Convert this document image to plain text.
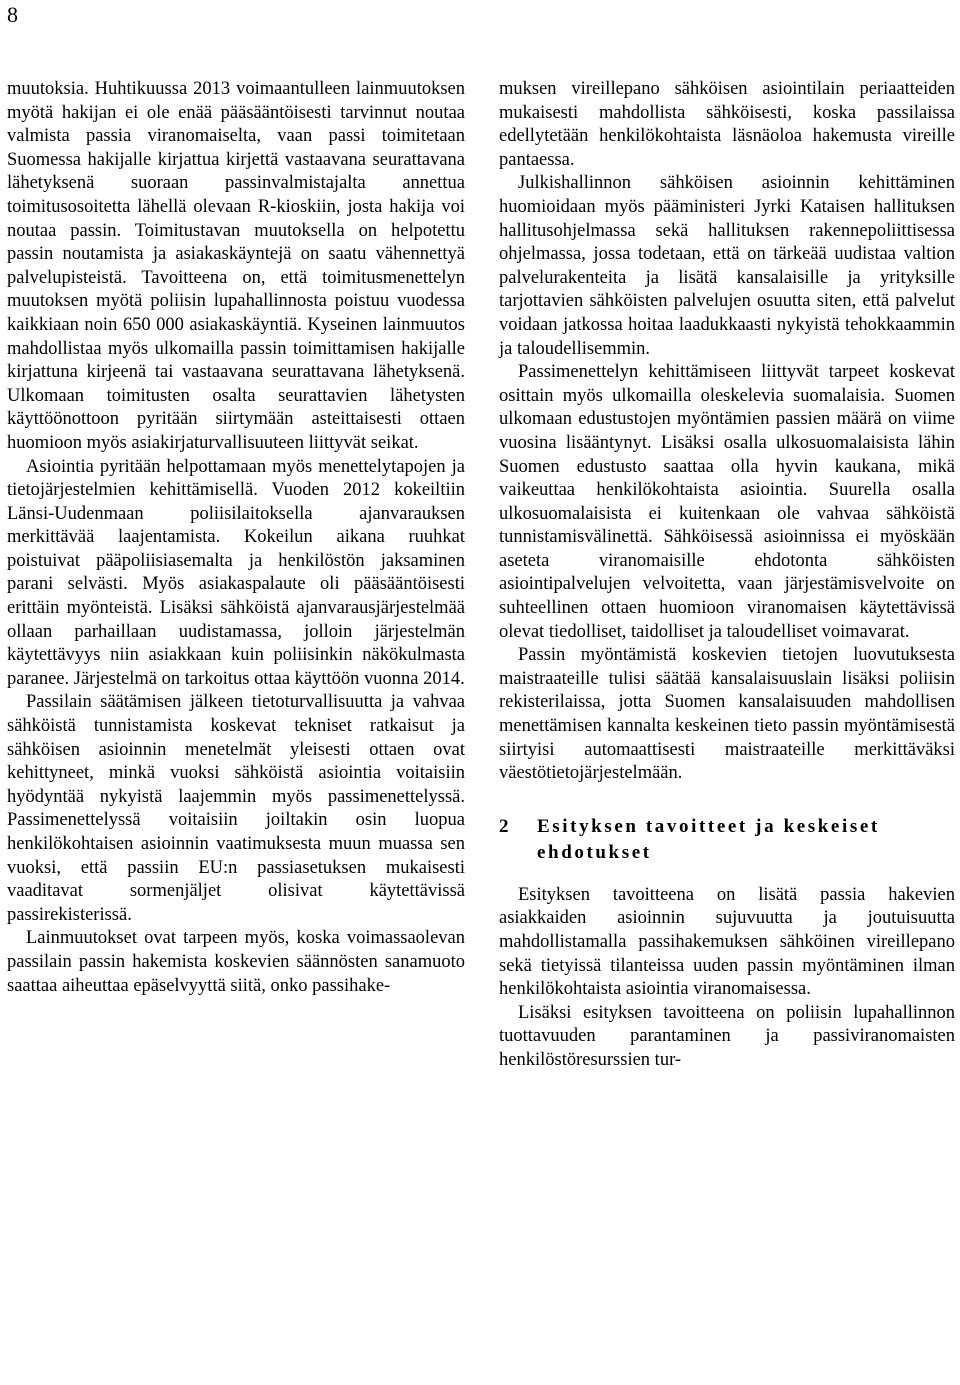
8

muutoksia. Huhtikuussa 2013 voimaantulleen lainmuutoksen myötä hakijan ei ole enää pääsääntöisesti tarvinnut noutaa valmista passia viranomaiselta, vaan passi toimitetaan Suomessa hakijalle kirjattua kirjettä vastaavana seurattavana lähetyksenä suoraan passinvalmistajalta annettua toimitusosoitetta lähellä olevaan R-kioskiin, josta hakija voi noutaa passin. Toimitustavan muutoksella on helpotettu passin noutamista ja asiakaskäyntejä on saatu vähennettyä palvelupisteistä. Tavoitteena on, että toimitusmenettelyn muutoksen myötä poliisin lupahallinnosta poistuu vuodessa kaikkiaan noin 650 000 asiakaskäyntiä. Kyseinen lainmuutos mahdollistaa myös ulkomailla passin toimittamisen hakijalle kirjattuna kirjeenä tai vastaavana seurattavana lähetyksenä. Ulkomaan toimitusten osalta seurattavien lähetysten käyttöönottoon pyritään siirtymään asteittaisesti ottaen huomioon myös asiakirjaturvallisuuteen liittyvät seikat.

Asiointia pyritään helpottamaan myös menettelytapojen ja tietojärjestelmien kehittämisellä. Vuoden 2012 kokeiltiin Länsi-Uudenmaan poliisilaitoksella ajanvarauksen merkittävää laajentamista. Kokeilun aikana ruuhkat poistuivat pääpoliisiasemalta ja henkilöstön jaksaminen parani selvästi. Myös asiakaspalaute oli pääsääntöisesti erittäin myönteistä. Lisäksi sähköistä ajanvarausjärjestelmää ollaan parhaillaan uudistamassa, jolloin järjestelmän käytettävyys niin asiakkaan kuin poliisinkin näkökulmasta paranee. Järjestelmä on tarkoitus ottaa käyttöön vuonna 2014.

Passilain säätämisen jälkeen tietoturvallisuutta ja vahvaa sähköistä tunnistamista koskevat tekniset ratkaisut ja sähköisen asioinnin menetelmät yleisesti ottaen ovat kehittyneet, minkä vuoksi sähköistä asiointia voitaisiin hyödyntää nykyistä laajemmin myös passimenettelyssä. Passimenettelyssä voitaisiin joiltakin osin luopua henkilökohtaisen asioinnin vaatimuksesta muun muassa sen vuoksi, että passiin EU:n passiasetuksen mukaisesti vaaditavat sormenjäljet olisivat käytettävissä passirekisterissä.

Lainmuutokset ovat tarpeen myös, koska voimassaolevan passilain passin hakemista koskevien säännösten sanamuoto saattaa aiheuttaa epäselvyyttä siitä, onko passihake-

muksen vireillepano sähköisen asiointilain periaatteiden mukaisesti mahdollista sähköisesti, koska passilaissa edellytetään henkilökohtaista läsnäoloa hakemusta vireille pantaessa.

Julkishallinnon sähköisen asioinnin kehittäminen huomioidaan myös pääministeri Jyrki Kataisen hallituksen hallitusohjelmassa sekä hallituksen rakennepoliittisessa ohjelmassa, jossa todetaan, että on tärkeää uudistaa valtion palvelurakenteita ja lisätä kansalaisille ja yrityksille tarjottavien sähköisten palvelujen osuutta siten, että palvelut voidaan jatkossa hoitaa laadukkaasti nykyistä tehokkaammin ja taloudellisemmin.

Passimenettelyn kehittämiseen liittyvät tarpeet koskevat osittain myös ulkomailla oleskelevia suomalaisia. Suomen ulkomaan edustustojen myöntämien passien määrä on viime vuosina lisääntynyt. Lisäksi osalla ulkosuomalaisista lähin Suomen edustusto saattaa olla hyvin kaukana, mikä vaikeuttaa henkilökohtaista asiointia. Suurella osalla ulkosuomalaisista ei kuitenkaan ole vahvaa sähköistä tunnistamisvälinettä. Sähköisessä asioinnissa ei myöskään aseteta viranomaisille ehdotonta sähköisten asiointipalvelujen velvoitetta, vaan järjestämisvelvoite on suhteellinen ottaen huomioon viranomaisen käytettävissä olevat tiedolliset, taidolliset ja taloudelliset voimavarat.

Passin myöntämistä koskevien tietojen luovutuksesta maistraateille tulisi säätää kansalaisuuslain lisäksi poliisin rekisterilaissa, jotta Suomen kansalaisuuden mahdollisen menettämisen kannalta keskeinen tieto passin myöntämisestä siirtyisi automaattisesti maistraateille merkittäväksi väestötietojärjestelmään.

2	Esityksen tavoitteet ja keskeiset ehdotukset

Esityksen tavoitteena on lisätä passia hakevien asiakkaiden asioinnin sujuvuutta ja joutuisuutta mahdollistamalla passihakemuksen sähköinen vireillepano sekä tietyissä tilanteissa uuden passin myöntäminen ilman henkilökohtaista asiointia viranomaisessa.

Lisäksi esityksen tavoitteena on poliisin lupahallinnon tuottavuuden parantaminen ja passiviranomaisten henkilöstöresurssien tur-
